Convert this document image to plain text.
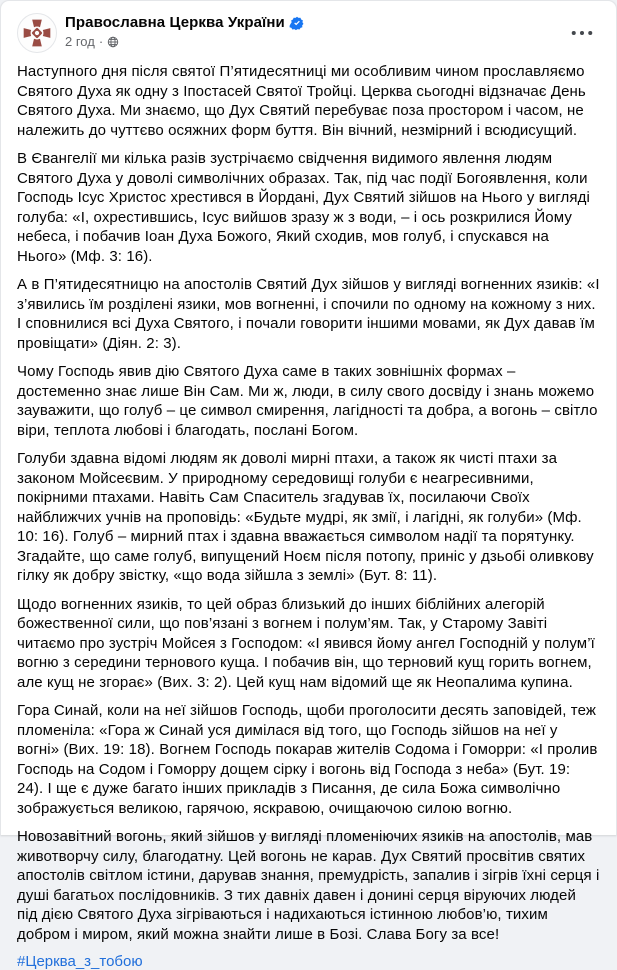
Православна Церква України
2 год ·

Наступного дня після святої П’ятидесятниці ми особливим чином прославляємо Святого Духа як одну з Іпостасей Святої Тройці. Церква сьогодні відзначає День Святого Духа. Ми знаємо, що Дух Святий перебуває поза простором і часом, не належить до чуттєво осяжних форм буття. Він вічний, незмірний і всюдисущий.

В Євангелії ми кілька разів зустрічаємо свідчення видимого явлення людям Святого Духа у доволі символічних образах. Так, під час події Богоявлення, коли Господь Ісус Христос хрестився в Йордані, Дух Святий зійшов на Нього у вигляді голуба: «І, охрестившись, Ісус вийшов зразу ж з води, – і ось розкрилися Йому небеса, і побачив Іоан Духа Божого, Який сходив, мов голуб, і спускався на Нього» (Мф. 3: 16).

А в П’ятидесятницю на апостолів Святий Дух зійшов у вигляді вогненних язиків: «І з’явились їм розділені язики, мов вогненні, і спочили по одному на кожному з них. І сповнилися всі Духа Святого, і почали говорити іншими мовами, як Дух давав їм провіщати» (Діян. 2: 3).

Чому Господь явив дію Святого Духа саме в таких зовнішніх формах – достеменно знає лише Він Сам. Ми ж, люди, в силу свого досвіду і знань можемо зауважити, що голуб – це символ смирення, лагідності та добра, а вогонь – світло віри, теплота любові і благодать, послані Богом.

Голуби здавна відомі людям як доволі мирні птахи, а також як чисті птахи за законом Мойсеєвим. У природному середовищі голуби є неагресивними, покірними птахами. Навіть Сам Спаситель згадував їх, посилаючи Своїх найближчих учнів на проповідь: «Будьте мудрі, як змії, і лагідні, як голуби» (Мф. 10: 16). Голуб – мирний птах і здавна вважається символом надії та порятунку. Згадайте, що саме голуб, випущений Ноєм після потопу, приніс у дзьобі оливкову гілку як добру звістку, «що вода зійшла з землі» (Бут. 8: 11).

Щодо вогненних язиків, то цей образ близький до інших біблійних алегорій божественної сили, що пов’язані з вогнем і полум’ям. Так, у Старому Завіті читаємо про зустріч Мойсея з Господом: «І явився йому ангел Господній у полум’ї вогню з середини тернового куща. І побачив він, що терновий кущ горить вогнем, але кущ не згорає» (Вих. 3: 2). Цей кущ нам відомий ще як Неопалима купина.

Гора Синай, коли на неї зійшов Господь, щоби проголосити десять заповідей, теж пломеніла: «Гора ж Синай уся димілася від того, що Господь зійшов на неї у вогні» (Вих. 19: 18). Вогнем Господь покарав жителів Содома і Гоморри: «І пролив Господь на Содом і Гоморру дощем сірку і вогонь від Господа з неба» (Бут. 19: 24). І ще є дуже багато інших прикладів з Писання, де сила Божа символічно зображується великою, гарячою, яскравою, очищаючою силою вогню.

Новозавітний вогонь, який зійшов у вигляді пломеніючих язиків на апостолів, мав животворчу силу, благодатну. Цей вогонь не карав. Дух Святий просвітив святих апостолів світлом істини, дарував знання, премудрість, запалив і зігрів їхні серця і душі багатьох послідовників. З тих давніх давен і донині серця віруючих людей під дією Святого Духа зігріваються і надихаються істинною любов’ю, тихим добром і миром, який можна знайти лише в Бозі. Слава Богу за все!

#Церква_з_тобою
